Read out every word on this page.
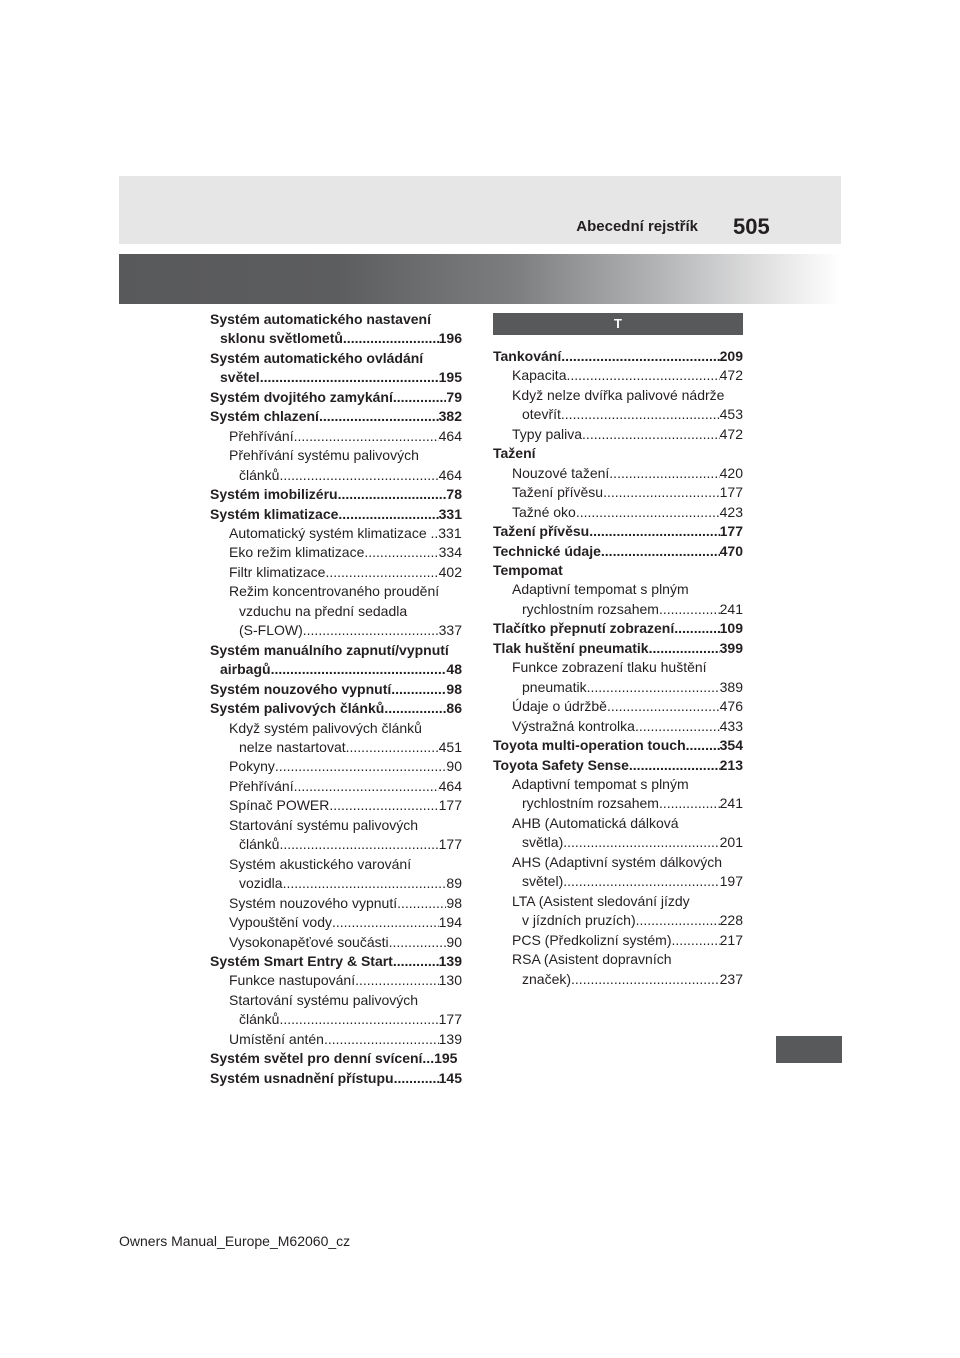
Abecední rejstřík 505
Systém automatického nastavení
sklonu světlometů .....	196
Systém automatického ovládání
světel .....	195
Systém dvojitého zamykání .....	79
Systém chlazení .....	382
Přehřívání .....	464
Přehřívání systému palivových
článků .....	464
Systém imobilizéru .....	78
Systém klimatizace .....	331
Automatický systém klimatizace ..331
Eko režim klimatizace .....	334
Filtr klimatizace .....	402
Režim koncentrovaného proudění
vzduchu na přední sedadla
(S-FLOW) .....	337
Systém manuálního zapnutí/vypnutí
airbagů .....	48
Systém nouzového vypnutí .....	98
Systém palivových článků .....	86
Když systém palivových článků
nelze nastartovat .....	451
Pokyny .....	90
Přehřívání .....	464
Spínač POWER .....	177
Startování systému palivových
článků .....	177
Systém akustického varování
vozidla .....	89
Systém nouzového vypnutí .....	98
Vypouštění vody .....	194
Vysokonapěťové součásti .....	90
Systém Smart Entry & Start .....	139
Funkce nastupování .....	130
Startování systému palivových
článků .....	177
Umístění antén .....	139
Systém světel pro denní svícení...195
Systém usnadnění přístupu .....	145
T
Tankování .....	209
Kapacita .....	472
Když nelze dvířka palivové nádrže
otevřít .....	453
Typy paliva .....	472
Tažení
Nouzové tažení .....	420
Tažení přívěsu .....	177
Tažné oko .....	423
Tažení přívěsu .....	177
Technické údaje .....	470
Tempomat
Adaptivní tempomat s plným
rychlostním rozsahem .....	241
Tlačítko přepnutí zobrazení .....	109
Tlak huštění pneumatik .....	399
Funkce zobrazení tlaku huštění
pneumatik .....	389
Údaje o údržbě .....	476
Výstražná kontrolka .....	433
Toyota multi-operation touch ..... 354
Toyota Safety Sense .....	213
Adaptivní tempomat s plným
rychlostním rozsahem .....	241
AHB (Automatická dálková
světla) .....	201
AHS (Adaptivní systém dálkových
světel) .....	197
LTA (Asistent sledování jízdy
v jízdních pruzích) .....	228
PCS (Předkolizní systém) .....	217
RSA (Asistent dopravních
značek) .....	237
Owners Manual_Europe_M62060_cz
